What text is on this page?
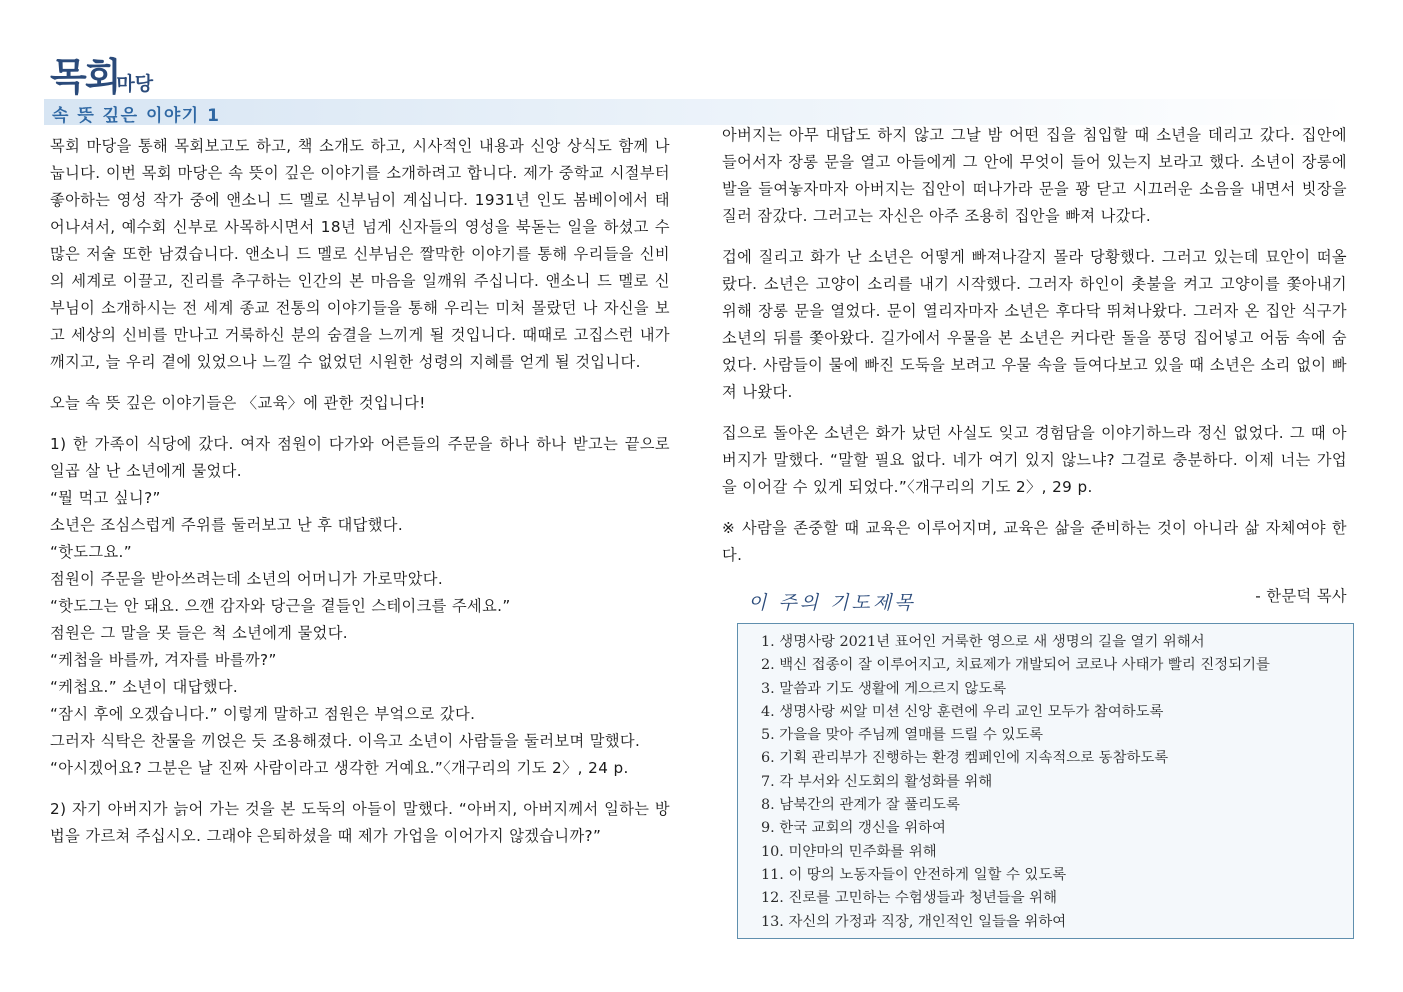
목회마당
속 뜻 깊은 이야기 1

목회 마당을 통해 목회보고도 하고, 책 소개도 하고, 시사적인 내용과 신앙 상식도 함께 나눕니다. 이번 목회 마당은 속 뜻이 깊은 이야기를 소개하려고 합니다. 제가 중학교 시절부터 좋아하는 영성 작가 중에 앤소니 드 멜로 신부님이 계십니다. 1931년 인도 봄베이에서 태어나셔서, 예수회 신부로 사목하시면서 18년 넘게 신자들의 영성을 북돋는 일을 하셨고 수많은 저술 또한 남겼습니다. 앤소니 드 멜로 신부님은 짤막한 이야기를 통해 우리들을 신비의 세계로 이끌고, 진리를 추구하는 인간의 본 마음을 일깨워 주십니다. 앤소니 드 멜로 신부님이 소개하시는 전 세계 종교 전통의 이야기들을 통해 우리는 미처 몰랐던 나 자신을 보고 세상의 신비를 만나고 거룩하신 분의 숨결을 느끼게 될 것입니다. 때때로 고집스런 내가 깨지고, 늘 우리 곁에 있었으나 느낄 수 없었던 시원한 성령의 지혜를 얻게 될 것입니다.

오늘 속 뜻 깊은 이야기들은 〈교육〉에 관한 것입니다!

1) 한 가족이 식당에 갔다. 여자 점원이 다가와 어른들의 주문을 하나 하나 받고는 끝으로 일곱 살 난 소년에게 물었다.
“뭘 먹고 싶니?”
소년은 조심스럽게 주위를 둘러보고 난 후 대답했다.
“핫도그요.”
점원이 주문을 받아쓰려는데 소년의 어머니가 가로막았다.
“핫도그는 안 돼요. 으깬 감자와 당근을 곁들인 스테이크를 주세요.”
점원은 그 말을 못 들은 척 소년에게 물었다.
“케첩을 바를까, 겨자를 바를까?”
“케첩요.” 소년이 대답했다.
“잠시 후에 오겠습니다.” 이렇게 말하고 점원은 부엌으로 갔다.
그러자 식탁은 찬물을 끼얹은 듯 조용해졌다. 이윽고 소년이 사람들을 둘러보며 말했다.
“아시겠어요? 그분은 날 진짜 사람이라고 생각한 거예요.”〈개구리의 기도 2〉, 24 p.

2) 자기 아버지가 늙어 가는 것을 본 도둑의 아들이 말했다. “아버지, 아버지께서 일하는 방법을 가르쳐 주십시오. 그래야 은퇴하셨을 때 제가 가업을 이어가지 않겠습니까?”

아버지는 아무 대답도 하지 않고 그날 밤 어떤 집을 침입할 때 소년을 데리고 갔다. 집안에 들어서자 장롱 문을 열고 아들에게 그 안에 무엇이 들어 있는지 보라고 했다. 소년이 장롱에 발을 들여놓자마자 아버지는 집안이 떠나가라 문을 꽝 닫고 시끄러운 소음을 내면서 빗장을 질러 잠갔다. 그러고는 자신은 아주 조용히 집안을 빠져 나갔다.

겁에 질리고 화가 난 소년은 어떻게 빠져나갈지 몰라 당황했다. 그러고 있는데 묘안이 떠올랐다. 소년은 고양이 소리를 내기 시작했다. 그러자 하인이 촛불을 켜고 고양이를 쫓아내기 위해 장롱 문을 열었다. 문이 열리자마자 소년은 후다닥 뛰쳐나왔다. 그러자 온 집안 식구가 소년의 뒤를 쫓아왔다. 길가에서 우물을 본 소년은 커다란 돌을 풍덩 집어넣고 어둠 속에 숨었다. 사람들이 물에 빠진 도둑을 보려고 우물 속을 들여다보고 있을 때 소년은 소리 없이 빠져 나왔다.

집으로 돌아온 소년은 화가 났던 사실도 잊고 경험담을 이야기하느라 정신 없었다. 그 때 아버지가 말했다. “말할 필요 없다. 네가 여기 있지 않느냐? 그걸로 충분하다. 이제 너는 가업을 이어갈 수 있게 되었다.”〈개구리의 기도 2〉, 29 p.

※ 사람을 존중할 때 교육은 이루어지며, 교육은 삶을 준비하는 것이 아니라 삶 자체여야 한다.

- 한문덕 목사
이 주의 기도제목
1. 생명사랑 2021년 표어인 거룩한 영으로 새 생명의 길을 열기 위해서
2. 백신 접종이 잘 이루어지고, 치료제가 개발되어 코로나 사태가 빨리 진정되기를
3. 말씀과 기도 생활에 게으르지 않도록
4. 생명사랑 씨알 미션 신앙 훈련에 우리 교인 모두가 참여하도록
5. 가을을 맞아 주님께 열매를 드릴 수 있도록
6. 기획 관리부가 진행하는 환경 켐페인에 지속적으로 동참하도록
7. 각 부서와 신도회의 활성화를 위해
8. 남북간의 관계가 잘 풀리도록
9. 한국 교회의 갱신을 위하여
10. 미얀마의 민주화를 위해
11. 이 땅의 노동자들이 안전하게 일할 수 있도록
12. 진로를 고민하는 수험생들과 청년들을 위해
13. 자신의 가정과 직장, 개인적인 일들을 위하여
